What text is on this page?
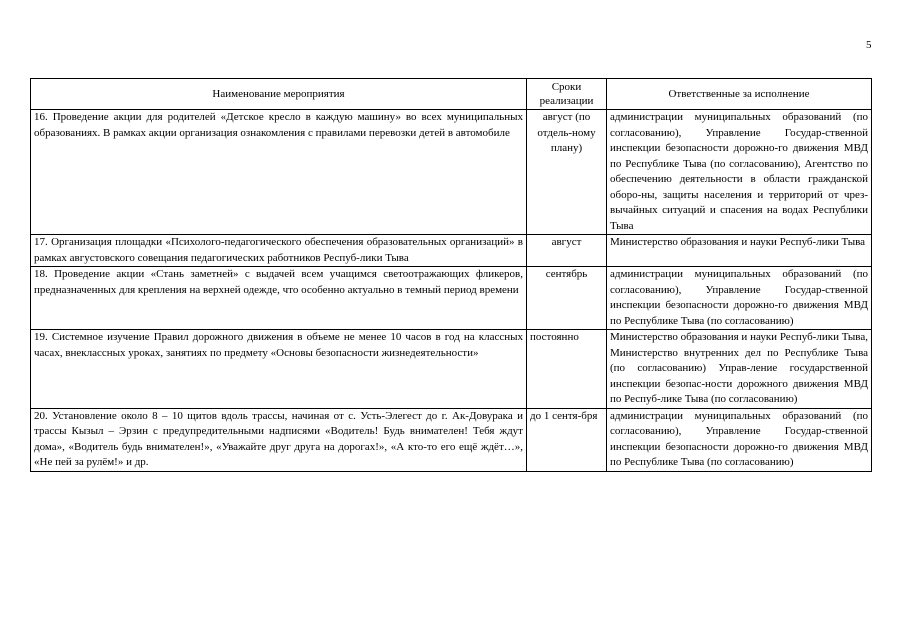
5
Наименование мероприятия	Сроки реализации	Ответственные за исполнение
16. Проведение акции для родителей «Детское кресло в каждую машину» во всех муниципальных образованиях. В рамках акции организация ознакомления с правилами перевозки детей в автомобиле	август (по отдель-ному плану)	администрации муниципальных образований (по согласованию), Управление Государ-ственной инспекции безопасности дорожно-го движения МВД по Республике Тыва (по согласованию), Агентство по обеспечению деятельности в области гражданской оборо-ны, защиты населения и территорий от чрез-вычайных ситуаций и спасения на водах Республики Тыва
17. Организация площадки «Психолого-педагогического обеспечения образовательных организаций» в рамках августовского совещания педагогических работников Респуб-лики Тыва	август	Министерство образования и науки Респуб-лики Тыва
18. Проведение акции «Стань заметней» с выдачей всем учащимся светоотражающих фликеров, предназначенных для крепления на верхней одежде, что особенно актуально в темный период времени	сентябрь	администрации муниципальных образований (по согласованию), Управление Государ-ственной инспекции безопасности дорожно-го движения МВД по Республике Тыва (по согласованию)
19. Системное изучение Правил дорожного движения в объеме не менее 10 часов в год на классных часах, внеклассных уроках, занятиях по предмету «Основы безопасности жизнедеятельности»	постоянно	Министерство образования и науки Респуб-лики Тыва, Министерство внутренних дел по Республике Тыва (по согласованию) Управ-ление государственной инспекции безопас-ности дорожного движения МВД по Респуб-лике Тыва (по согласованию)
20. Установление около 8 – 10 щитов вдоль трассы, начиная от с. Усть-Элегест до г. Ак-Довурака и трассы Кызыл – Эрзин с предупредительными надписями «Водитель! Будь внимателен! Тебя ждут дома», «Водитель будь внимателен!», «Уважайте друг друга на дорогах!», «А кто-то его ещё ждёт…», «Не пей за рулём!» и др.	до 1 сентя-бря	администрации муниципальных образований (по согласованию), Управление Государ-ственной инспекции безопасности дорожно-го движения МВД по Республике Тыва (по согласованию)
